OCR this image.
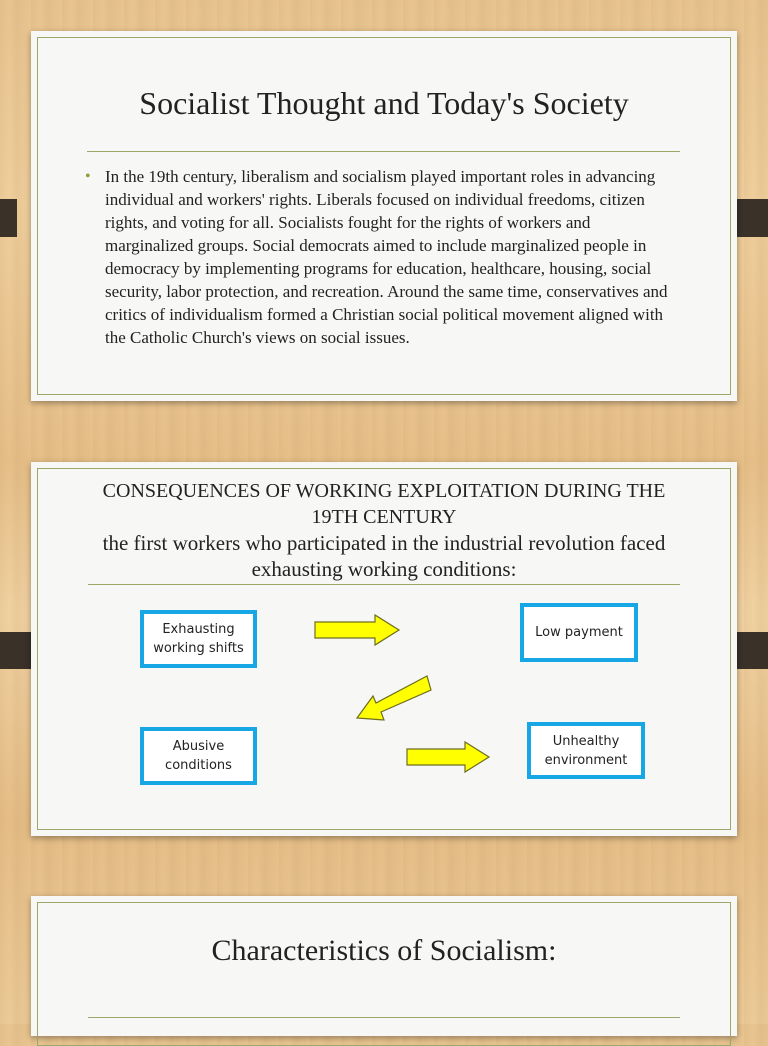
Socialist Thought and Today's Society
• In the 19th century, liberalism and socialism played important roles in advancing individual and workers' rights. Liberals focused on individual freedoms, citizen rights, and voting for all. Socialists fought for the rights of workers and marginalized groups. Social democrats aimed to include marginalized people in democracy by implementing programs for education, healthcare, housing, social security, labor protection, and recreation. Around the same time, conservatives and critics of individualism formed a Christian social political movement aligned with the Catholic Church's views on social issues.
CONSEQUENCES OF WORKING EXPLOITATION DURING THE
19TH CENTURY
the first workers who participated in the industrial revolution faced exhausting working conditions:
Exhausting working shifts
Low payment
Abusive conditions
Unhealthy environment
Characteristics of Socialism:
